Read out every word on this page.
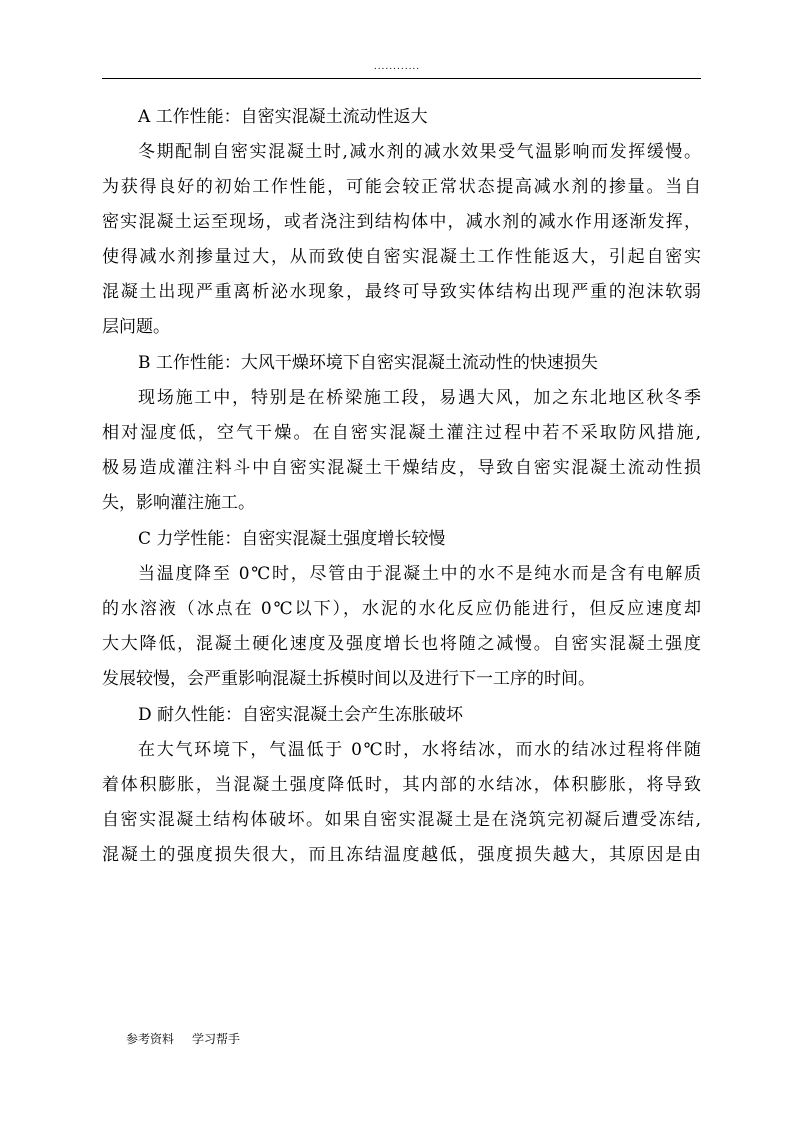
............

A 工作性能：自密实混凝土流动性返大

冬期配制自密实混凝土时,减水剂的减水效果受气温影响而发挥缓慢。
为获得良好的初始工作性能，可能会较正常状态提高减水剂的掺量。当自
密实混凝土运至现场，或者浇注到结构体中，减水剂的减水作用逐渐发挥，
使得减水剂掺量过大，从而致使自密实混凝土工作性能返大，引起自密实
混凝土出现严重离析泌水现象，最终可导致实体结构出现严重的泡沫软弱
层问题。

B 工作性能：大风干燥环境下自密实混凝土流动性的快速损失

现场施工中，特别是在桥梁施工段，易遇大风，加之东北地区秋冬季
相对湿度低，空气干燥。在自密实混凝土灌注过程中若不采取防风措施,
极易造成灌注料斗中自密实混凝土干燥结皮，导致自密实混凝土流动性损
失，影响灌注施工。

C 力学性能：自密实混凝土强度增长较慢

当温度降至 0℃时，尽管由于混凝土中的水不是纯水而是含有电解质
的水溶液（冰点在 0℃以下），水泥的水化反应仍能进行，但反应速度却
大大降低，混凝土硬化速度及强度增长也将随之减慢。自密实混凝土强度
发展较慢，会严重影响混凝土拆模时间以及进行下一工序的时间。

D 耐久性能：自密实混凝土会产生冻胀破坏

在大气环境下，气温低于 0℃时，水将结冰，而水的结冰过程将伴随
着体积膨胀，当混凝土强度降低时，其内部的水结冰，体积膨胀，将导致
自密实混凝土结构体破坏。如果自密实混凝土是在浇筑完初凝后遭受冻结,
混凝土的强度损失很大，而且冻结温度越低，强度损失越大，其原因是由
参考资料 学习帮手
